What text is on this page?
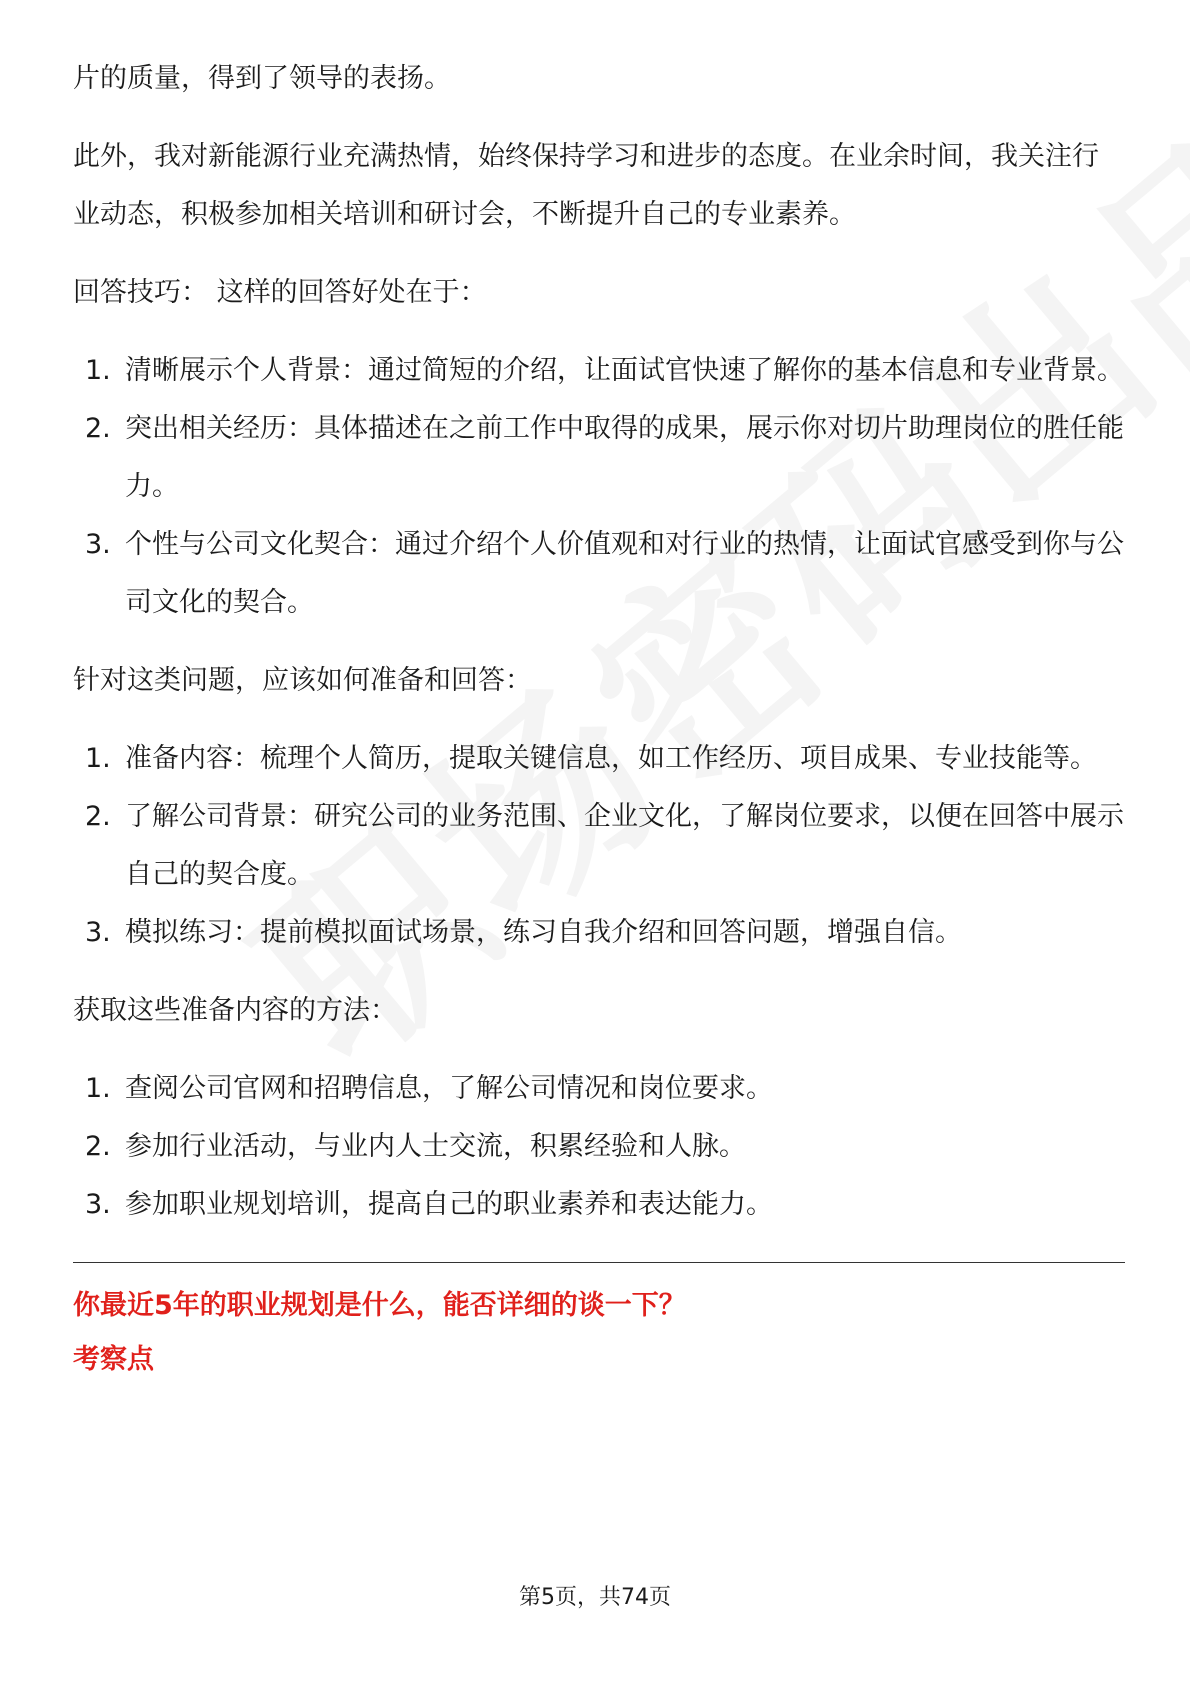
片的质量，得到了领导的表扬。

此外，我对新能源行业充满热情，始终保持学习和进步的态度。在业余时间，我关注行业动态，积极参加相关培训和研讨会，不断提升自己的专业素养。

回答技巧： 这样的回答好处在于：

1. 清晰展示个人背景：通过简短的介绍，让面试官快速了解你的基本信息和专业背景。
2. 突出相关经历：具体描述在之前工作中取得的成果，展示你对切片助理岗位的胜任能力。
3. 个性与公司文化契合：通过介绍个人价值观和对行业的热情，让面试官感受到你与公司文化的契合。

针对这类问题，应该如何准备和回答：

1. 准备内容：梳理个人简历，提取关键信息，如工作经历、项目成果、专业技能等。
2. 了解公司背景：研究公司的业务范围、企业文化，了解岗位要求，以便在回答中展示自己的契合度。
3. 模拟练习：提前模拟面试场景，练习自我介绍和回答问题，增强自信。

获取这些准备内容的方法：

1. 查阅公司官网和招聘信息，了解公司情况和岗位要求。
2. 参加行业活动，与业内人士交流，积累经验和人脉。
3. 参加职业规划培训，提高自己的职业素养和表达能力。
你最近5年的职业规划是什么，能否详细的谈一下？
考察点
第5页，共74页
